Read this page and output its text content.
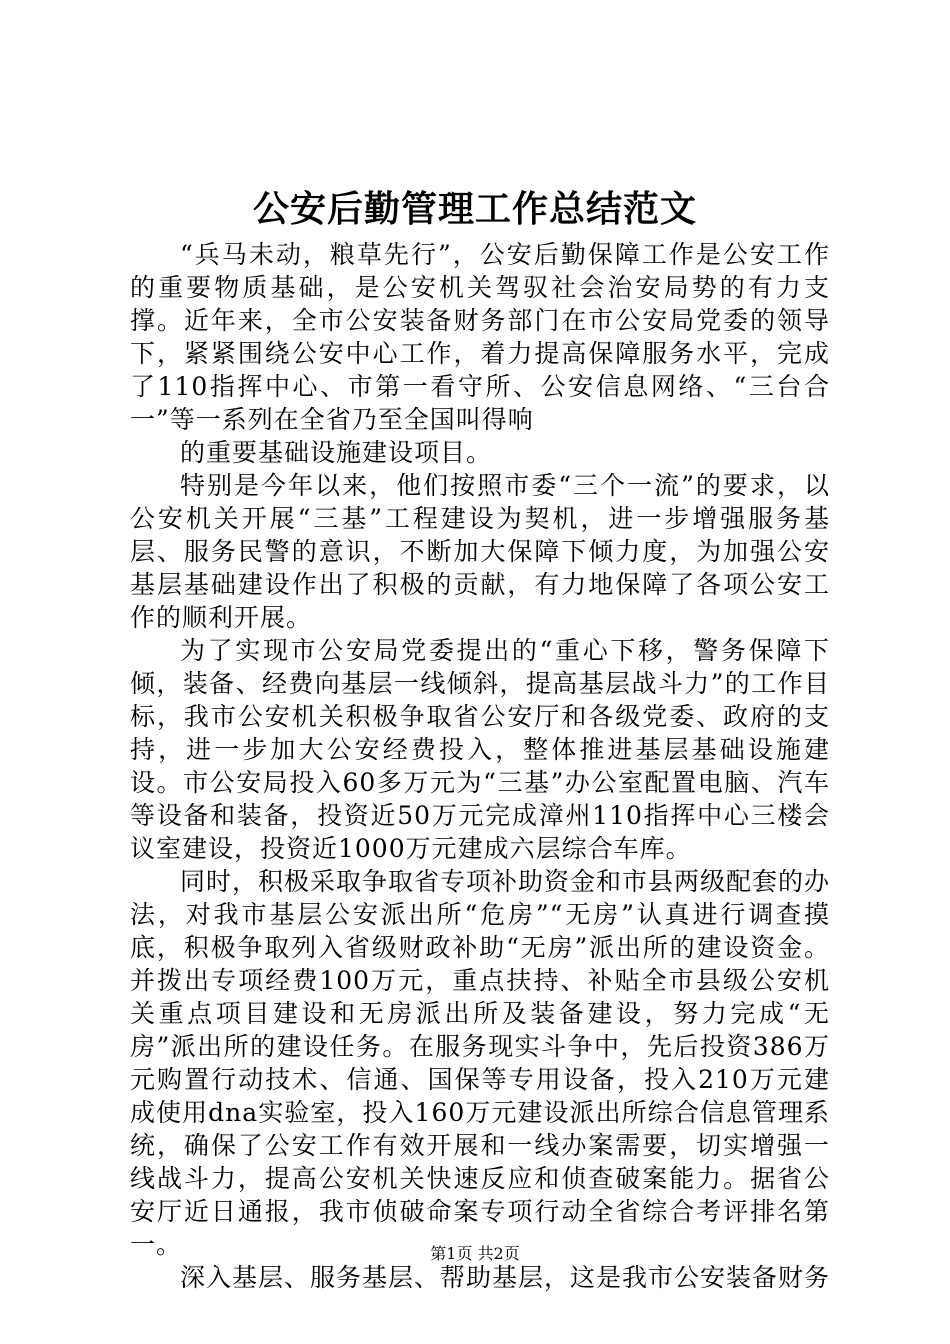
公安后勤管理工作总结范文

“兵马未动，粮草先行”，公安后勤保障工作是公安工作的重要物质基础，是公安机关驾驭社会治安局势的有力支撑。近年来，全市公安装备财务部门在市公安局党委的领导下，紧紧围绕公安中心工作，着力提高保障服务水平，完成了110指挥中心、市第一看守所、公安信息网络、“三台合一”等一系列在全省乃至全国叫得响

的重要基础设施建设项目。

特别是今年以来，他们按照市委“三个一流”的要求，以公安机关开展“三基”工程建设为契机，进一步增强服务基层、服务民警的意识，不断加大保障下倾力度，为加强公安基层基础建设作出了积极的贡献，有力地保障了各项公安工作的顺利开展。

为了实现市公安局党委提出的“重心下移，警务保障下倾，装备、经费向基层一线倾斜，提高基层战斗力”的工作目标，我市公安机关积极争取省公安厅和各级党委、政府的支持，进一步加大公安经费投入，整体推进基层基础设施建设。市公安局投入60多万元为“三基”办公室配置电脑、汽车等设备和装备，投资近50万元完成漳州110指挥中心三楼会议室建设，投资近1000万元建成六层综合车库。

同时，积极采取争取省专项补助资金和市县两级配套的办法，对我市基层公安派出所“危房”“无房”认真进行调查摸底，积极争取列入省级财政补助“无房”派出所的建设资金。并拨出专项经费100万元，重点扶持、补贴全市县级公安机关重点项目建设和无房派出所及装备建设，努力完成“无房”派出所的建设任务。在服务现实斗争中，先后投资386万元购置行动技术、信通、国保等专用设备，投入210万元建成使用dna实验室，投入160万元建设派出所综合信息管理系统，确保了公安工作有效开展和一线办案需要，切实增强一线战斗力，提高公安机关快速反应和侦查破案能力。据省公安厅近日通报，我市侦破命案专项行动全省综合考评排名第一。

深入基层、服务基层、帮助基层，这是我市公安装备财务

第1页 共2页
